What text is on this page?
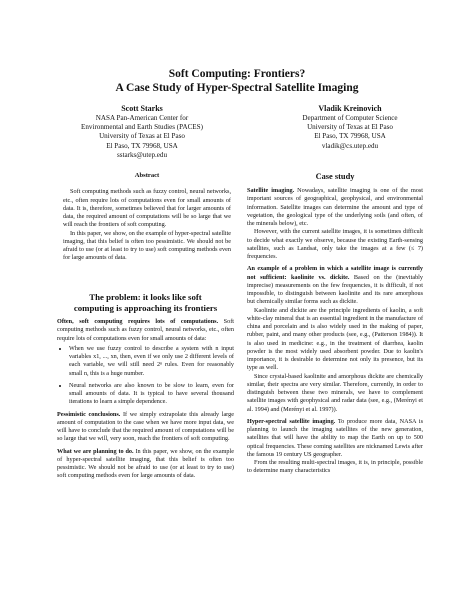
Soft Computing: Frontiers?
A Case Study of Hyper-Spectral Satellite Imaging
Scott Starks
NASA Pan-American Center for
Environmental and Earth Studies (PACES)
University of Texas at El Paso
El Paso, TX 79968, USA
sstarks@utep.edu
Vladik Kreinovich
Department of Computer Science
University of Texas at El Paso
El Paso, TX 79968, USA
vladik@cs.utep.edu
Abstract

Soft computing methods such as fuzzy control, neural networks, etc., often require lots of computations even for small amounts of data. It is, therefore, sometimes believed that for larger amounts of data, the required amount of computations will be so large that we will reach the frontiers of soft computing.

In this paper, we show, on the example of hyper-spectral satellite imaging, that this belief is often too pessimistic. We should not be afraid to use (or at least to try to use) soft computing methods even for large amounts of data.

The problem: it looks like soft
computing is approaching its frontiers

Often, soft computing requires lots of computations. Soft computing methods such as fuzzy control, neural networks, etc., often require lots of computations even for small amounts of data:

• When we use fuzzy control to describe a system with n input variables x1, ..., xn, then, even if we only use 2 different levels of each variable, we will still need 2ⁿ rules. Even for reasonably small n, this is a huge number.
• Neural networks are also known to be slow to learn, even for small amounts of data. It is typical to have several thousand iterations to learn a simple dependence.

Pessimistic conclusions. If we simply extrapolate this already large amount of computation to the case when we have more input data, we will have to conclude that the required amount of computations will be so large that we will, very soon, reach the frontiers of soft computing.

What we are planning to do. In this paper, we show, on the example of hyper-spectral satellite imaging, that this belief is often too pessimistic. We should not be afraid to use (or at least to try to use) soft computing methods even for large amounts of data.

Case study

Satellite imaging. Nowadays, satellite imaging is one of the most important sources of geographical, geophysical, and environmental information. Satellite images can determine the amount and type of vegetation, the geological type of the underlying soils (and often, of the minerals below), etc.

However, with the current satellite images, it is sometimes difficult to decide what exactly we observe, because the existing Earth-sensing satellites, such as Landsat, only take the images at a few (≤ 7) frequencies.

An example of a problem in which a satellite image is currently not sufficient: kaolinite vs. dickite. Based on the (inevitably imprecise) measurements on the few frequencies, it is difficult, if not impossible, to distinguish between kaolinite and its rare amorphous but chemically similar forms such as dickite.

Kaolinite and dickite are the principle ingredients of kaolin, a soft white-clay mineral that is an essential ingredient in the manufacture of china and porcelain and is also widely used in the making of paper, rubber, paint, and many other products (see, e.g., (Patterson 1984)). It is also used in medicine: e.g., in the treatment of diarrhea, kaolin powder is the most widely used absorbent powder. Due to kaolin's importance, it is desirable to determine not only its presence, but its type as well.

Since crystal-based kaolinite and amorphous dickite are chemically similar, their spectra are very similar. Therefore, currently, in order to distinguish between these two minerals, we have to complement satellite images with geophysical and radar data (see, e.g., (Merényi et al. 1994) and (Merényi et al. 1997)).

Hyper-spectral satellite imaging. To produce more data, NASA is planning to launch the imaging satellites of the new generation, satellites that will have the ability to map the Earth on up to 500 optical frequencies. These coming satellites are nicknamed Lewis after the famous 19 century US geographer.

From the resulting multi-spectral images, it is, in principle, possible to determine many characteristics
